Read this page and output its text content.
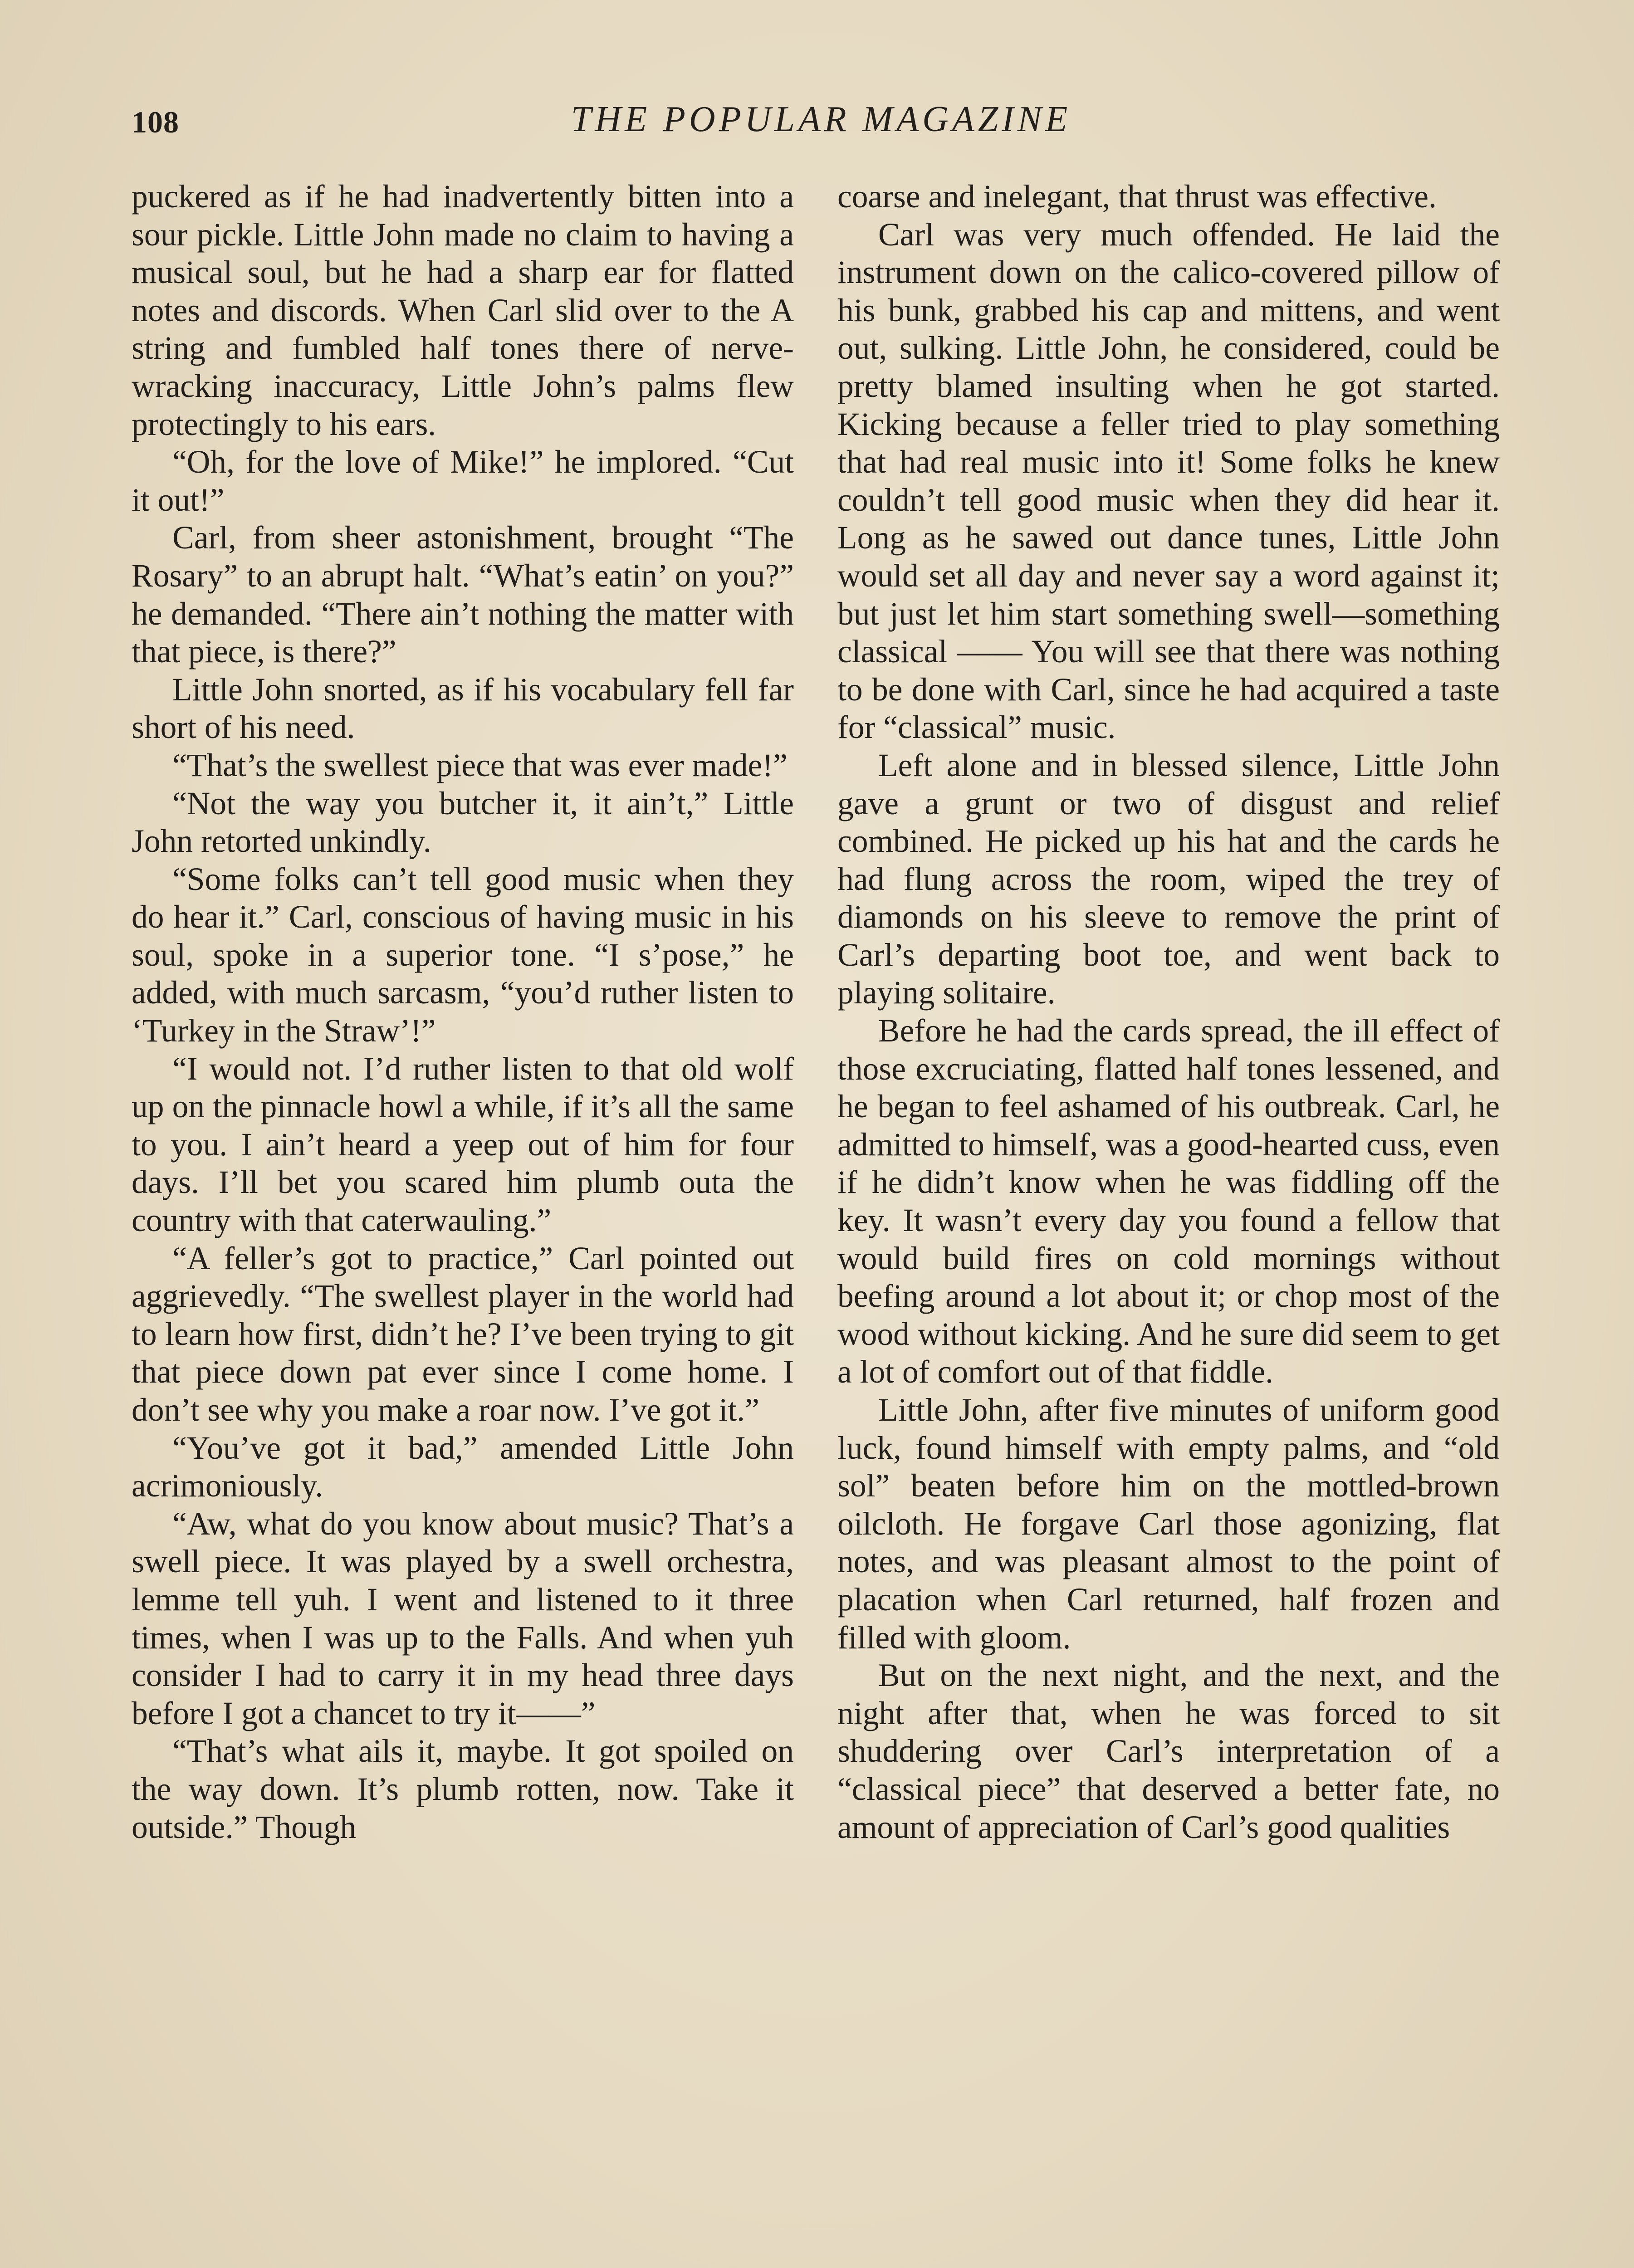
108	THE POPULAR MAGAZINE

puckered as if he had inadvertently bitten into a sour pickle. Little John made no claim to having a musical soul, but he had a sharp ear for flatted notes and discords. When Carl slid over to the A string and fumbled half tones there of nerve-wracking inaccuracy, Little John’s palms flew protectingly to his ears.

“Oh, for the love of Mike!” he implored. “Cut it out!”

Carl, from sheer astonishment, brought “The Rosary” to an abrupt halt. “What’s eatin’ on you?” he demanded. “There ain’t nothing the matter with that piece, is there?”

Little John snorted, as if his vocabulary fell far short of his need.

“That’s the swellest piece that was ever made!”

“Not the way you butcher it, it ain’t,” Little John retorted unkindly.

“Some folks can’t tell good music when they do hear it.” Carl, conscious of having music in his soul, spoke in a superior tone. “I s’pose,” he added, with much sarcasm, “you’d ruther listen to ‘Turkey in the Straw’!”

“I would not. I’d ruther listen to that old wolf up on the pinnacle howl a while, if it’s all the same to you. I ain’t heard a yeep out of him for four days. I’ll bet you scared him plumb outa the country with that caterwauling.”

“A feller’s got to practice,” Carl pointed out aggrievedly. “The swellest player in the world had to learn how first, didn’t he? I’ve been trying to git that piece down pat ever since I come home. I don’t see why you make a roar now. I’ve got it.”

“You’ve got it bad,” amended Little John acrimoniously.

“Aw, what do you know about music? That’s a swell piece. It was played by a swell orchestra, lemme tell yuh. I went and listened to it three times, when I was up to the Falls. And when yuh consider I had to carry it in my head three days before I got a chancet to try it——”

“That’s what ails it, maybe. It got spoiled on the way down. It’s plumb rotten, now. Take it outside.” Though

coarse and inelegant, that thrust was effective.

Carl was very much offended. He laid the instrument down on the calico-covered pillow of his bunk, grabbed his cap and mittens, and went out, sulking. Little John, he considered, could be pretty blamed insulting when he got started. Kicking because a feller tried to play something that had real music into it! Some folks he knew couldn’t tell good music when they did hear it. Long as he sawed out dance tunes, Little John would set all day and never say a word against it; but just let him start something swell—something classical —— You will see that there was nothing to be done with Carl, since he had acquired a taste for “classical” music.

Left alone and in blessed silence, Little John gave a grunt or two of disgust and relief combined. He picked up his hat and the cards he had flung across the room, wiped the trey of diamonds on his sleeve to remove the print of Carl’s departing boot toe, and went back to playing solitaire.

Before he had the cards spread, the ill effect of those excruciating, flatted half tones lessened, and he began to feel ashamed of his outbreak. Carl, he admitted to himself, was a good-hearted cuss, even if he didn’t know when he was fiddling off the key. It wasn’t every day you found a fellow that would build fires on cold mornings without beefing around a lot about it; or chop most of the wood without kicking. And he sure did seem to get a lot of comfort out of that fiddle.

Little John, after five minutes of uniform good luck, found himself with empty palms, and “old sol” beaten before him on the mottled-brown oilcloth. He forgave Carl those agonizing, flat notes, and was pleasant almost to the point of placation when Carl returned, half frozen and filled with gloom.

But on the next night, and the next, and the night after that, when he was forced to sit shuddering over Carl’s interpretation of a “classical piece” that deserved a better fate, no amount of appreciation of Carl’s good qualities
